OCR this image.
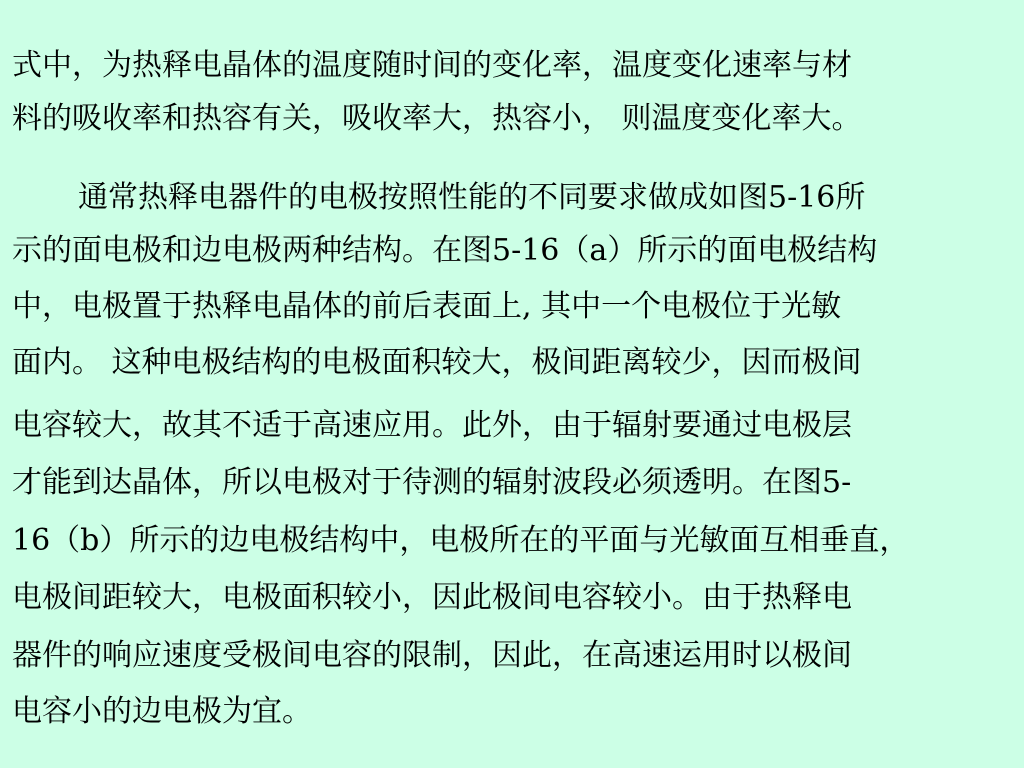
式中，为热释电晶体的温度随时间的变化率，温度变化速率与材
料的吸收率和热容有关，吸收率大，热容小， 则温度变化率大。
通常热释电器件的电极按照性能的不同要求做成如图5-16所
示的面电极和边电极两种结构。在图5-16（a）所示的面电极结构
中，电极置于热释电晶体的前后表面上, 其中一个电极位于光敏
面内。 这种电极结构的电极面积较大，极间距离较少，因而极间
电容较大，故其不适于高速应用。此外，由于辐射要通过电极层
才能到达晶体，所以电极对于待测的辐射波段必须透明。在图5-
16（b）所示的边电极结构中，电极所在的平面与光敏面互相垂直，
电极间距较大，电极面积较小，因此极间电容较小。由于热释电
器件的响应速度受极间电容的限制，因此，在高速运用时以极间
电容小的边电极为宜。
